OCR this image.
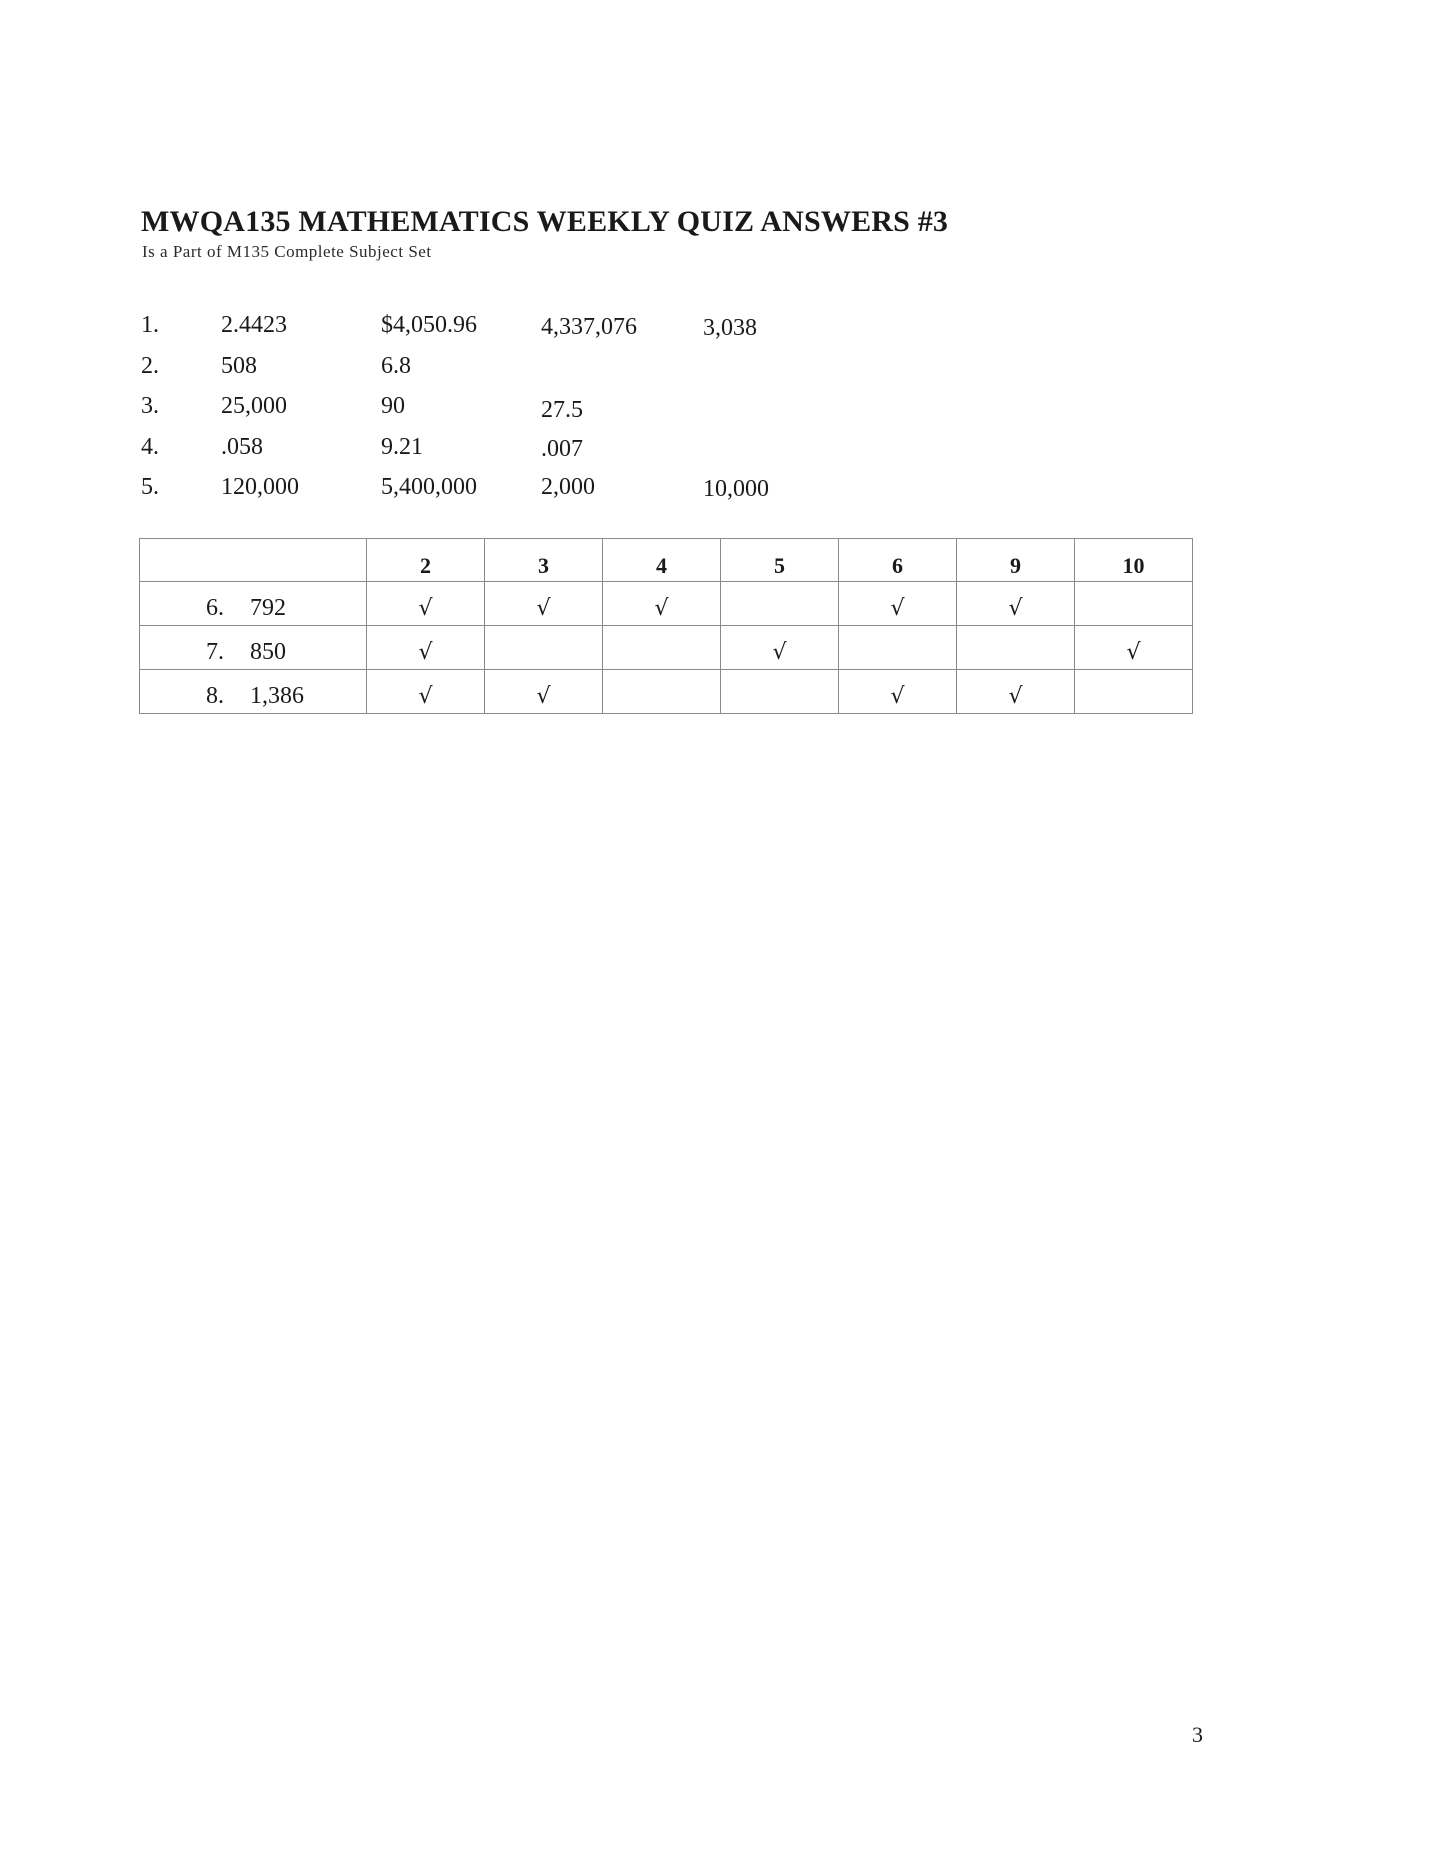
MWQA135 MATHEMATICS WEEKLY QUIZ ANSWERS #3
Is a Part of M135 Complete Subject Set
1.	2.4423	$4,050.96	4,337,076	3,038
2.	508	6.8
3.	25,000	90	27.5
4.	.058	9.21	.007
5.	120,000	5,400,000	2,000	10,000
	2	3	4	5	6	9	10
6. 792	√	√	√		√	√	
7. 850	√			√			√
8. 1,386	√	√			√	√	
3
